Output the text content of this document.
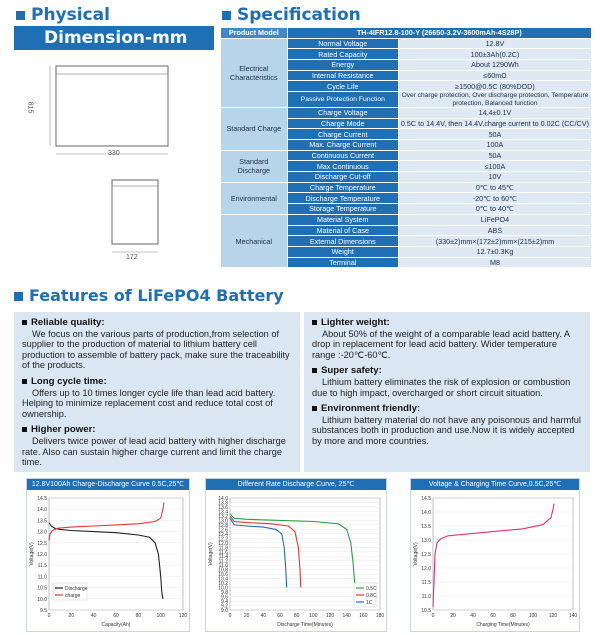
Physical
Dimension-mm
815
330
172
Specification
Product Model	TH-4IFR12.8-100-Y (26650-3.2V-3600mAh-4S28P)	
Electrical Characteristics	Normal Voltage	12.8V
	Rated Capacity	100±3Ah(0.2C)
	Energy	About 1290Wh
	Internal Resistance	≤60mΩ
	Cycle Life	≥1500@0.5C (80%DOD)
	Passive Protection Function	Over charge protection, Over discharge protection, Temperature protection, Balanced function
Standard Charge	Charge Voltage	14.4±0.1V
	Charge Mode	0.5C to 14.4V, then 14.4V,charge current to 0.02C (CC/CV)
	Charge Current	50A
	Max. Charge Current	100A
Standard Discharge	Continuous Current	50A
	Max Continuous	≤100A
	Discharge Cut-off	10V
Environmental	Charge Temperature	0℃ to 45℃
	Discharge Temperature	-20℃ to 60℃
	Storage Temperature	0℃ to 40℃
Mechanical	Material System	LiFePO4
	Material of Case	ABS
	External Dimensions	(330±2)mm×(172±2)mm×(215±2)mm
	Weight	12.7±0.3Kg
	Terminal	M8
Features of LiFePO4 Battery
Reliable quality:

We focus on the various parts of production,from selection of supplier to the production of material to lithium battery cell production to assemble of battery pack, make sure the traceability of the products.

Long cycle time:

Offers up to 10 times longer cycle life than lead acid battery. Helping to minimize replacement cost and reduce total cost of ownership.

Higher power:

Delivers twice power of lead acid battery with higher discharge rate. Also can sustain higher charge current and limit the charge time.

Lighter weight:

About 50% of the weight of a comparable lead acid battery. A drop in replacement for lead acid battery. Wider temperature range :-20℃-60℃.

Super safety:

Lithium battery eliminates the risk of explosion or combustion due to high impact, overcharged or short circuit situation.

Environment friendly:

Lithium battery material do not have any poisonous and harmful substances both in production and use.Now it is widely accepted by more and more countries.

12.8V100Ah Charge-Discharge Curve 0.5C,25℃
9.5
10.0
10.5
11.0
11.5
12.0
12.5
13.0
13.5
14.0
14.5
0	20	40	60	80	100	120
Capacity(Ah)
Voltage(V)
Discharge
charge
Different Rate Discharge Curve, 25℃
9.0
9.2
9.4
9.6
9.8
10.0
10.2
10.4
10.6
10.8
11.0
11.2
11.4
11.6
11.8
12.0
12.2
12.4
12.6
12.8
13.0
13.2
13.4
13.6
13.8
14.0
0 20 40 60 80 100 120 140 160 180
Discharge Time(Minutes)
Voltage(V)
0.5C
0.8C
1C
Voltage & Charging Time Curve,0.5C,25℃
10.5
11.0
11.5
12.0
12.5
13.0
13.5
14.0
14.5
0	20	40	60	80	100 120 140
Charging Time(Minutes)
Voltage(V)
